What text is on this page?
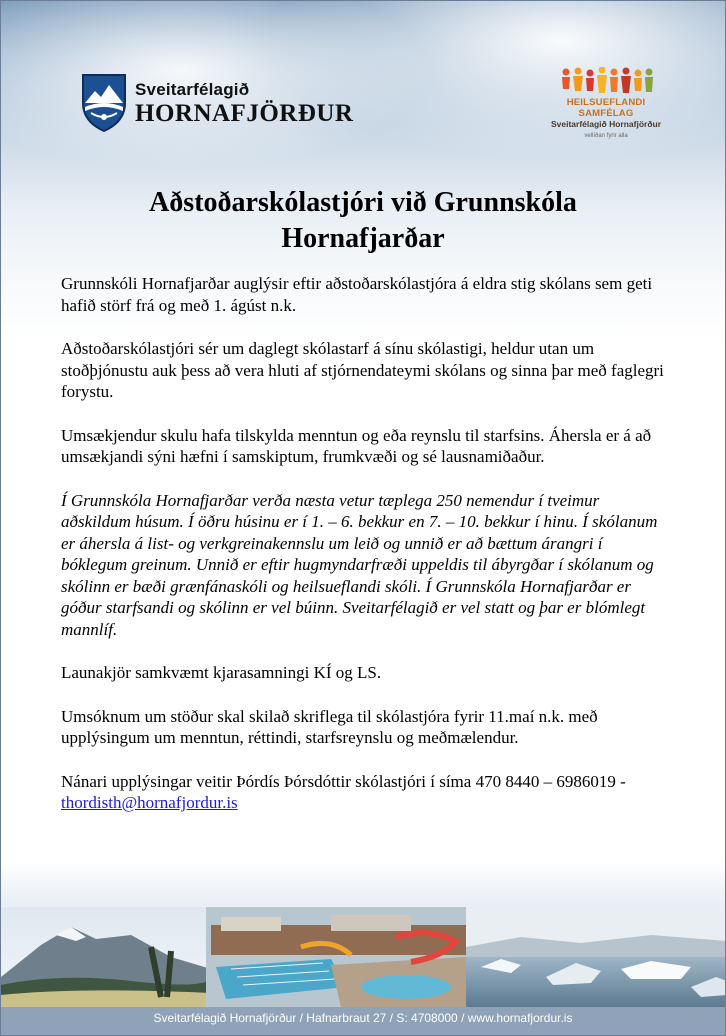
Sveitarfélagið
HORNAFJÖRÐUR	HEILSUEFLANDI SAMFÉLAG
Sveitarfélagið Hornafjörður
vellíðan fyrir alla
Aðstoðarskólastjóri við Grunnskóla
Hornafjarðar

Grunnskóli Hornafjarðar auglýsir eftir aðstoðarskólastjóra á eldra stig skólans sem geti hafið störf frá og með 1. ágúst n.k.

Aðstoðarskólastjóri sér um daglegt skólastarf á sínu skólastigi, heldur utan um stoðþjónustu auk þess að vera hluti af stjórnendateymi skólans og sinna þar með faglegri forystu.

Umsækjendur skulu hafa tilskylda menntun og eða reynslu til starfsins. Áhersla er á að umsækjandi sýni hæfni í samskiptum, frumkvæði og sé lausnamiðaður.

Í Grunnskóla Hornafjarðar verða næsta vetur tæplega 250 nemendur í tveimur aðskildum húsum. Í öðru húsinu er í 1. – 6. bekkur en 7. – 10. bekkur í hinu. Í skólanum er áhersla á list- og verkgreinakennslu um leið og unnið er að bættum árangri í bóklegum greinum. Unnið er eftir hugmyndarfræði uppeldis til ábyrgðar í skólanum og skólinn er bæði grænfánaskóli og heilsueflandi skóli. Í Grunnskóla Hornafjarðar er góður starfsandi og skólinn er vel búinn. Sveitarfélagið er vel statt og þar er blómlegt mannlíf.

Launakjör samkvæmt kjarasamningi KÍ og LS.

Umsóknum um stöður skal skilað skriflega til skólastjóra fyrir 11.maí n.k. með upplýsingum um menntun, réttindi, starfsreynslu og meðmælendur.

Nánari upplýsingar veitir Þórdís Þórsdóttir skólastjóri í síma 470 8440 – 6986019 - thordisth@hornafjordur.is

Sveitarfélagið Hornafjörður / Hafnarbraut 27 / S: 4708000 / www.hornafjordur.is
